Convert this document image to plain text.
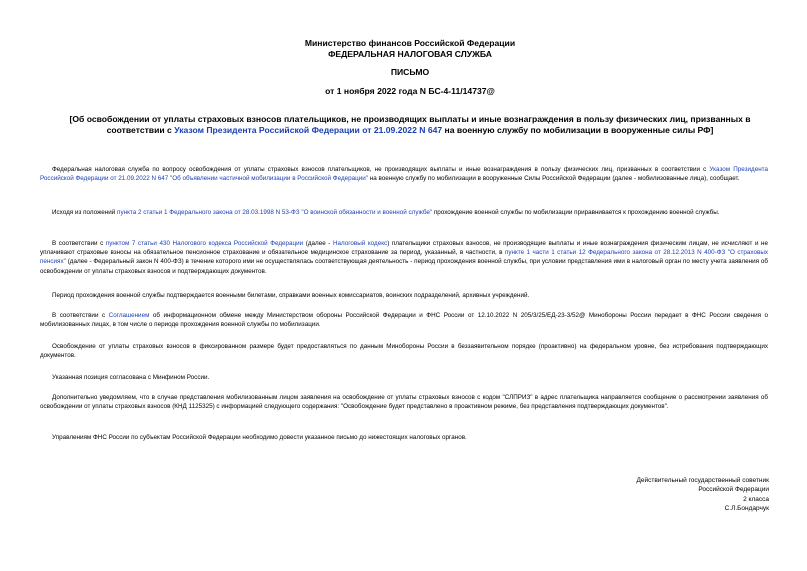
Министерство финансов Российской Федерации
ФЕДЕРАЛЬНАЯ НАЛОГОВАЯ СЛУЖБА
ПИСЬМО
от 1 ноября 2022 года N БС-4-11/14737@
[Об освобождении от уплаты страховых взносов плательщиков, не производящих выплаты и иные вознаграждения в пользу физических лиц, призванных в соответствии с Указом Президента Российской Федерации от 21.09.2022 N 647 на военную службу по мобилизации в вооруженные силы РФ]
Федеральная налоговая служба по вопросу освобождения от уплаты страховых взносов плательщиков, не производящих выплаты и иные вознаграждения в пользу физических лиц, призванных в соответствии с Указом Президента Российской Федерации от 21.09.2022 N 647 "Об объявлении частичной мобилизации в Российской Федерации" на военную службу по мобилизации в вооруженные Силы Российской Федерации (далее - мобилизованные лица), сообщает.
Исходя из положений пункта 2 статьи 1 Федерального закона от 28.03.1998 N 53-ФЗ "О воинской обязанности и военной службе" прохождение военной службы по мобилизации приравнивается к прохождению военной службы.
В соответствии с пунктом 7 статьи 430 Налогового кодекса Российской Федерации (далее - Налоговый кодекс) плательщики страховых взносов, не производящие выплаты и иные вознаграждения физическим лицам, не исчисляют и не уплачивают страховые взносы на обязательное пенсионное страхование и обязательное медицинское страхование за период, указанный, в частности, в пункте 1 части 1 статьи 12 Федерального закона от 28.12.2013 N 400-ФЗ "О страховых пенсиях" (далее - Федеральный закон N 400-ФЗ) в течение которого ими не осуществлялась соответствующая деятельность - период прохождения военной службы, при условии представления ими в налоговый орган по месту учета заявления об освобождении от уплаты страховых взносов и подтверждающих документов.
Период прохождения военной службы подтверждается военными билетами, справками военных комиссариатов, воинских подразделений, архивных учреждений.
В соответствии с Соглашением об информационном обмене между Министерством обороны Российской Федерации и ФНС России от 12.10.2022 N 205/3/25/ЕД-23-3/52@ Минобороны России передает в ФНС России сведения о мобилизованных лицах, в том числе о периоде прохождения военной службы по мобилизации.
Освобождение от уплаты страховых взносов в фиксированном размере будет предоставляться по данным Минобороны России в беззаявительном порядке (проактивно) на федеральном уровне, без истребования подтверждающих документов.
Указанная позиция согласована с Минфином России.
Дополнительно уведомляем, что в случае представления мобилизованным лицом заявления на освобождение от уплаты страховых взносов с кодом "СЛПРИЗ" в адрес плательщика направляется сообщение о рассмотрении заявления об освобождении от уплаты страховых взносов (КНД 1125325) с информацией следующего содержания: "Освобождение будет представлено в проактивном режиме, без представления подтверждающих документов".
Управлениям ФНС России по субъектам Российской Федерации необходимо довести указанное письмо до нижестоящих налоговых органов.
Действительный государственный советник
Российской Федерации
2 класса
С.Л.Бондарчук
